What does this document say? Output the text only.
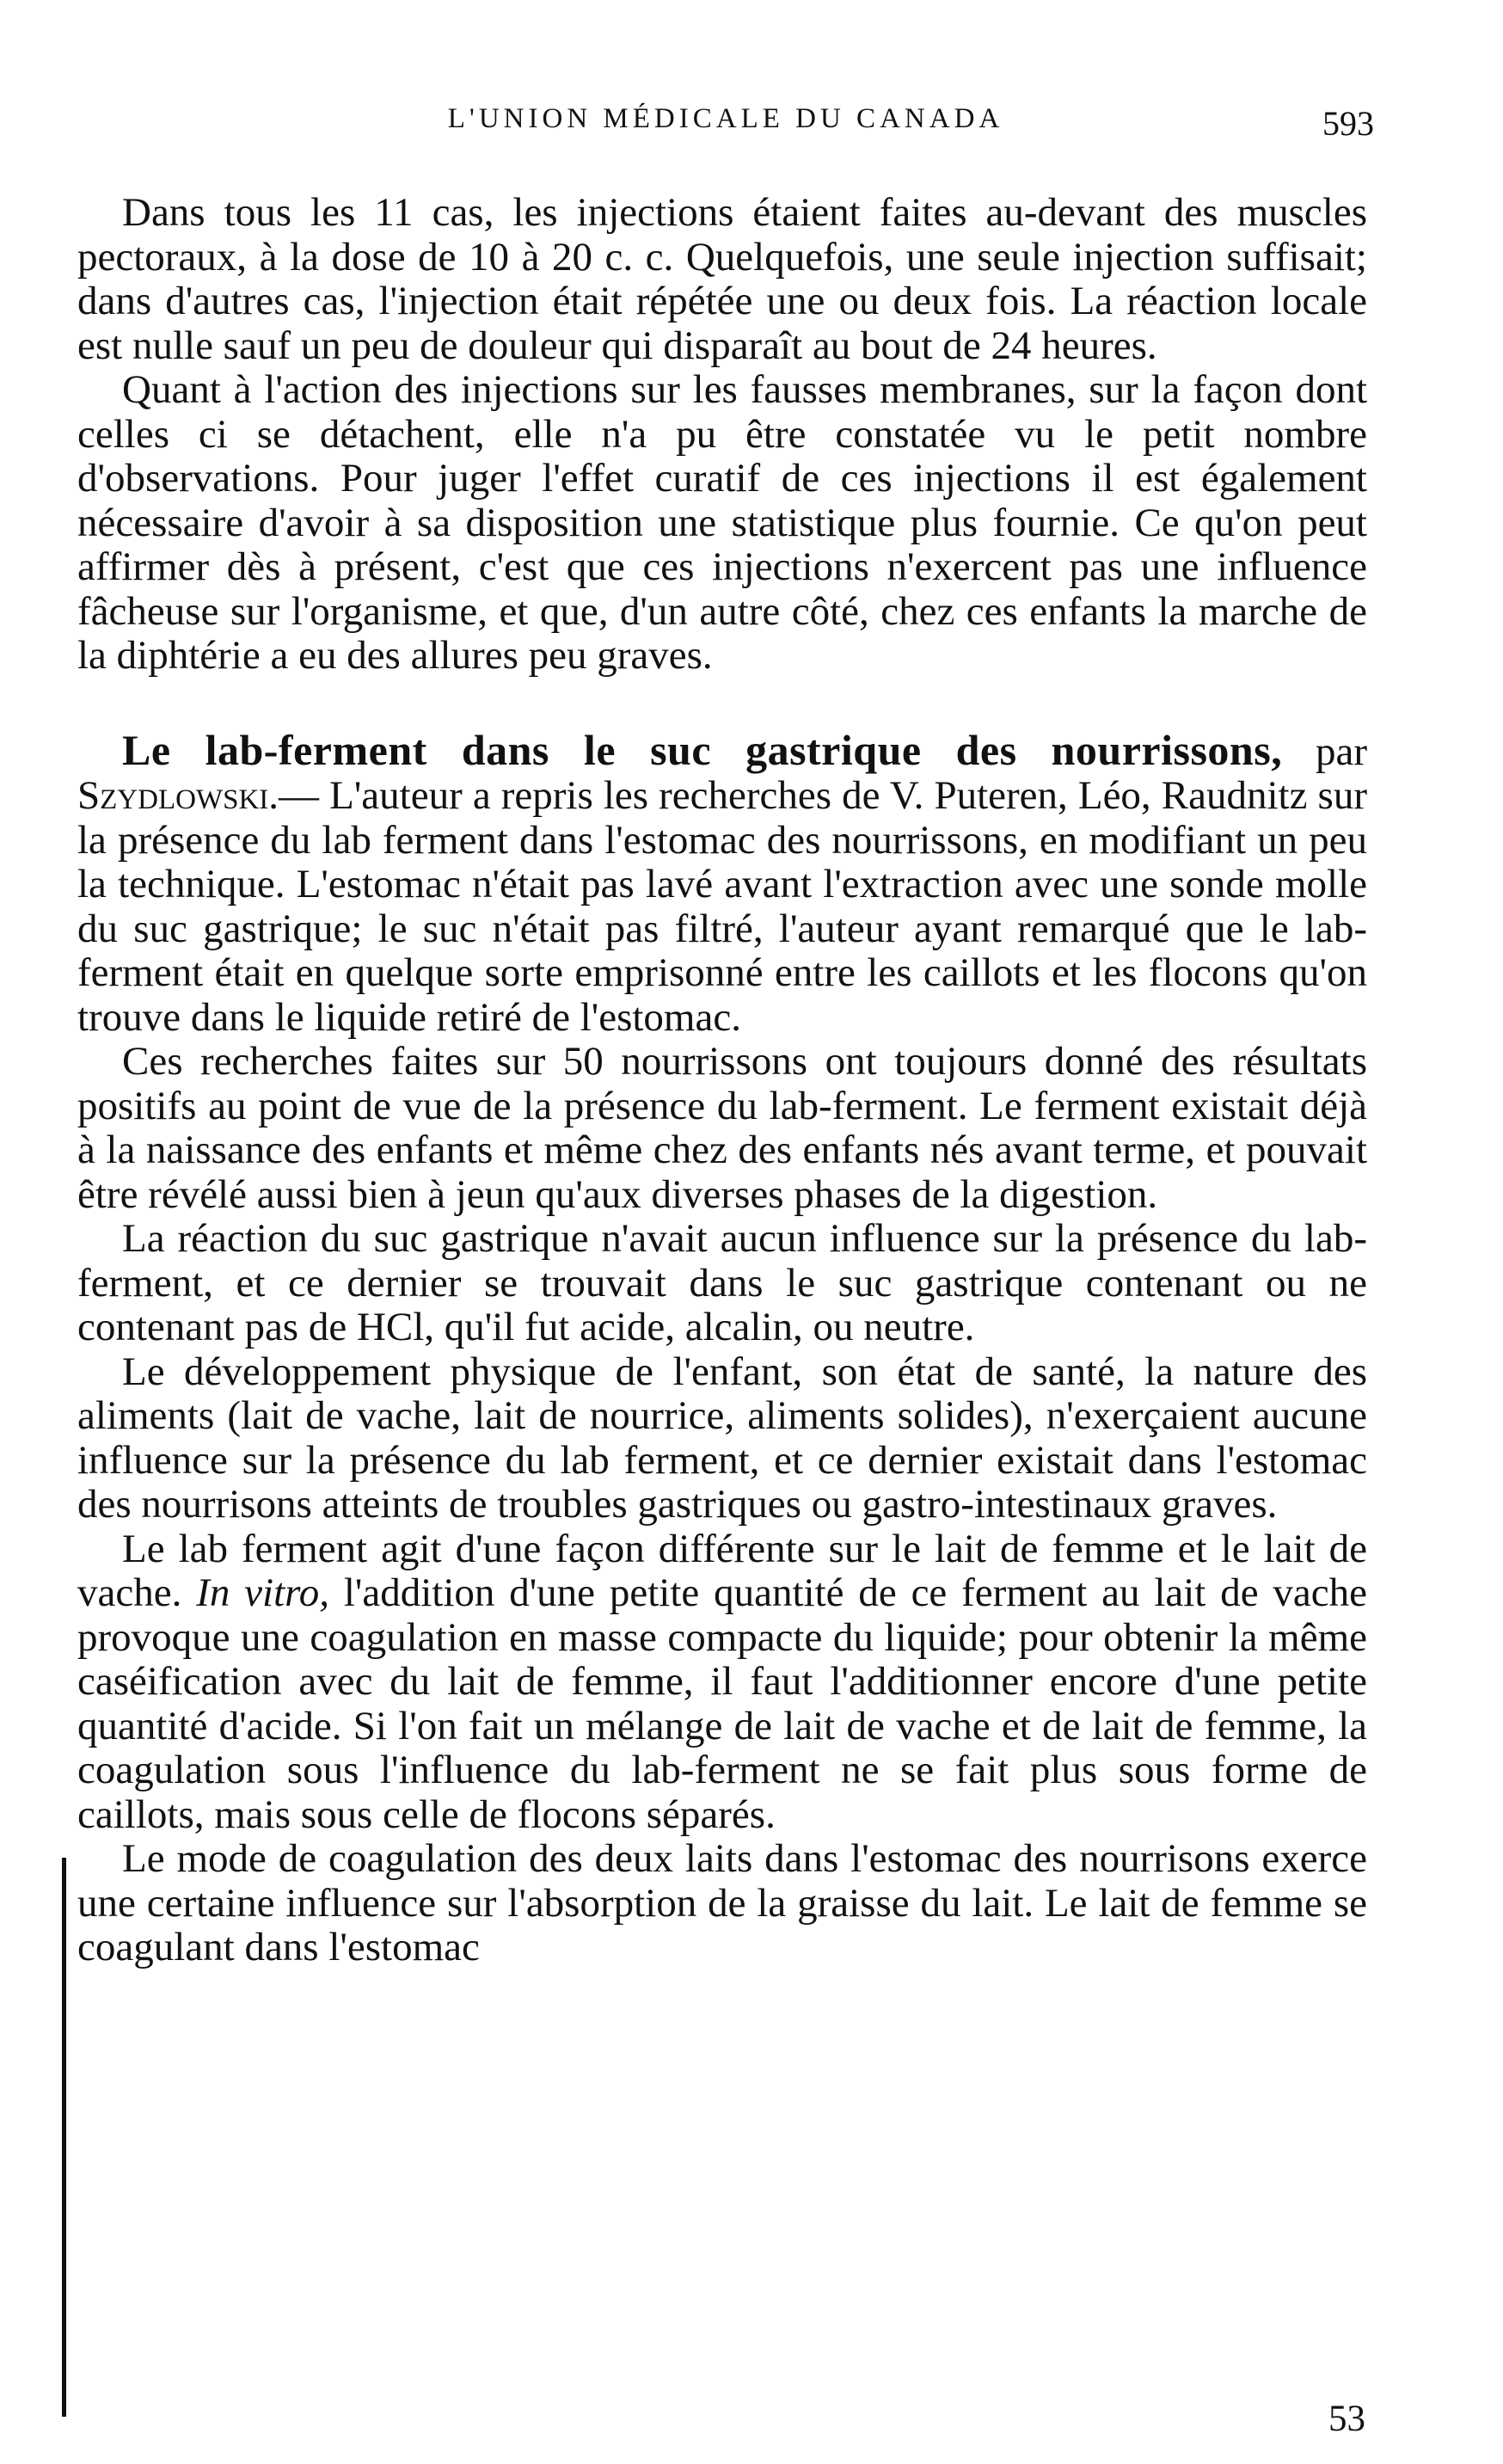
L'UNION MÉDICALE DU CANADA	593

Dans tous les 11 cas, les injections étaient faites au-devant des muscles pectoraux, à la dose de 10 à 20 c. c. Quelquefois, une seule injection suffisait; dans d'autres cas, l'injection était répétée une ou deux fois. La réaction locale est nulle sauf un peu de douleur qui disparaît au bout de 24 heures.

Quant à l'action des injections sur les fausses membranes, sur la façon dont celles ci se détachent, elle n'a pu être constatée vu le petit nombre d'observations. Pour juger l'effet curatif de ces injections il est également nécessaire d'avoir à sa disposition une statistique plus fournie. Ce qu'on peut affirmer dès à présent, c'est que ces injections n'exercent pas une influence fâcheuse sur l'organisme, et que, d'un autre côté, chez ces enfants la marche de la diphtérie a eu des allures peu graves.

Le lab-ferment dans le suc gastrique des nourrissons, par Szydlowski.— L'auteur a repris les recherches de V. Puteren, Léo, Raudnitz sur la présence du lab ferment dans l'estomac des nourrissons, en modifiant un peu la technique. L'estomac n'était pas lavé avant l'extraction avec une sonde molle du suc gastrique; le suc n'était pas filtré, l'auteur ayant remarqué que le lab-ferment était en quelque sorte emprisonné entre les caillots et les flocons qu'on trouve dans le liquide retiré de l'estomac.

Ces recherches faites sur 50 nourrissons ont toujours donné des résultats positifs au point de vue de la présence du lab-ferment. Le ferment existait déjà à la naissance des enfants et même chez des enfants nés avant terme, et pouvait être révélé aussi bien à jeun qu'aux diverses phases de la digestion.

La réaction du suc gastrique n'avait aucun influence sur la présence du lab-ferment, et ce dernier se trouvait dans le suc gastrique contenant ou ne contenant pas de HCl, qu'il fut acide, alcalin, ou neutre.

Le développement physique de l'enfant, son état de santé, la nature des aliments (lait de vache, lait de nourrice, aliments solides), n'exerçaient aucune influence sur la présence du lab ferment, et ce dernier existait dans l'estomac des nourrisons atteints de troubles gastriques ou gastro-intestinaux graves.

Le lab ferment agit d'une façon différente sur le lait de femme et le lait de vache. In vitro, l'addition d'une petite quantité de ce ferment au lait de vache provoque une coagulation en masse compacte du liquide; pour obtenir la même caséification avec du lait de femme, il faut l'additionner encore d'une petite quantité d'acide. Si l'on fait un mélange de lait de vache et de lait de femme, la coagulation sous l'influence du lab-ferment ne se fait plus sous forme de caillots, mais sous celle de flocons séparés.

Le mode de coagulation des deux laits dans l'estomac des nourrisons exerce une certaine influence sur l'absorption de la graisse du lait. Le lait de femme se coagulant dans l'estomac

53
